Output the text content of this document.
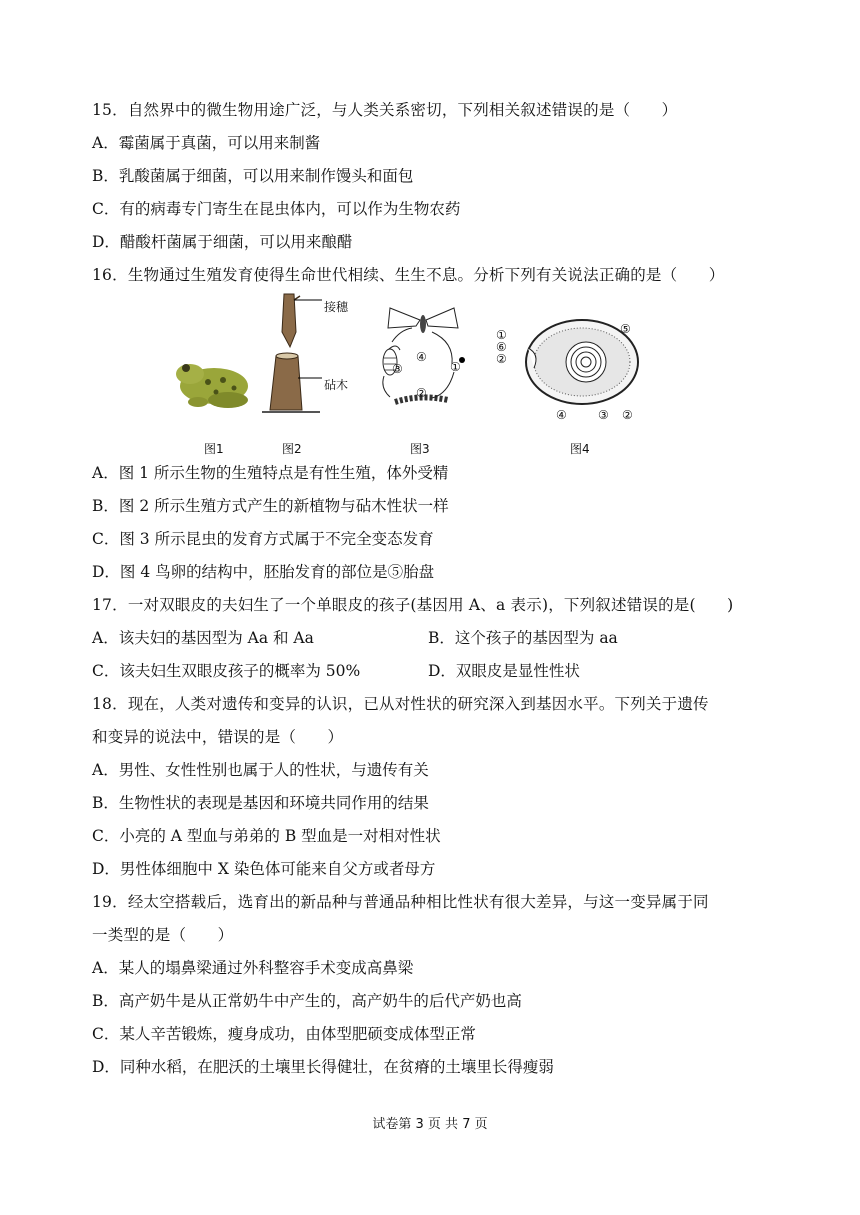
15．自然界中的微生物用途广泛，与人类关系密切，下列相关叙述错误的是（　　）
A．霉菌属于真菌，可以用来制酱
B．乳酸菌属于细菌，可以用来制作馒头和面包
C．有的病毒专门寄生在昆虫体内，可以作为生物农药
D．醋酸杆菌属于细菌，可以用来酿醋
16．生物通过生殖发育使得生命世代相续、生生不息。分析下列有关说法正确的是（　　）
接穗
砧木
④
①
②
③
①
⑥
②
⑤
④	③ ②
图1	图2	图3	图4
A．图 1 所示生物的生殖特点是有性生殖，体外受精
B．图 2 所示生殖方式产生的新植物与砧木性状一样
C．图 3 所示昆虫的发育方式属于不完全变态发育
D．图 4 鸟卵的结构中，胚胎发育的部位是⑤胎盘
17．一对双眼皮的夫妇生了一个单眼皮的孩子(基因用 A、a 表示)，下列叙述错误的是(　　)
A．该夫妇的基因型为 Aa 和 Aa	B．这个孩子的基因型为 aa
C．该夫妇生双眼皮孩子的概率为 50%	D．双眼皮是显性性状
18．现在，人类对遗传和变异的认识，已从对性状的研究深入到基因水平。下列关于遗传
和变异的说法中，错误的是（　　）
A．男性、女性性别也属于人的性状，与遗传有关
B．生物性状的表现是基因和环境共同作用的结果
C．小亮的 A 型血与弟弟的 B 型血是一对相对性状
D．男性体细胞中 X 染色体可能来自父方或者母方
19．经太空搭载后，选育出的新品种与普通品种相比性状有很大差异，与这一变异属于同
一类型的是（　　）
A．某人的塌鼻梁通过外科整容手术变成高鼻梁
B．高产奶牛是从正常奶牛中产生的，高产奶牛的后代产奶也高
C．某人辛苦锻炼，瘦身成功，由体型肥硕变成体型正常
D．同种水稻，在肥沃的土壤里长得健壮，在贫瘠的土壤里长得瘦弱
试卷第 3 页 共 7 页
